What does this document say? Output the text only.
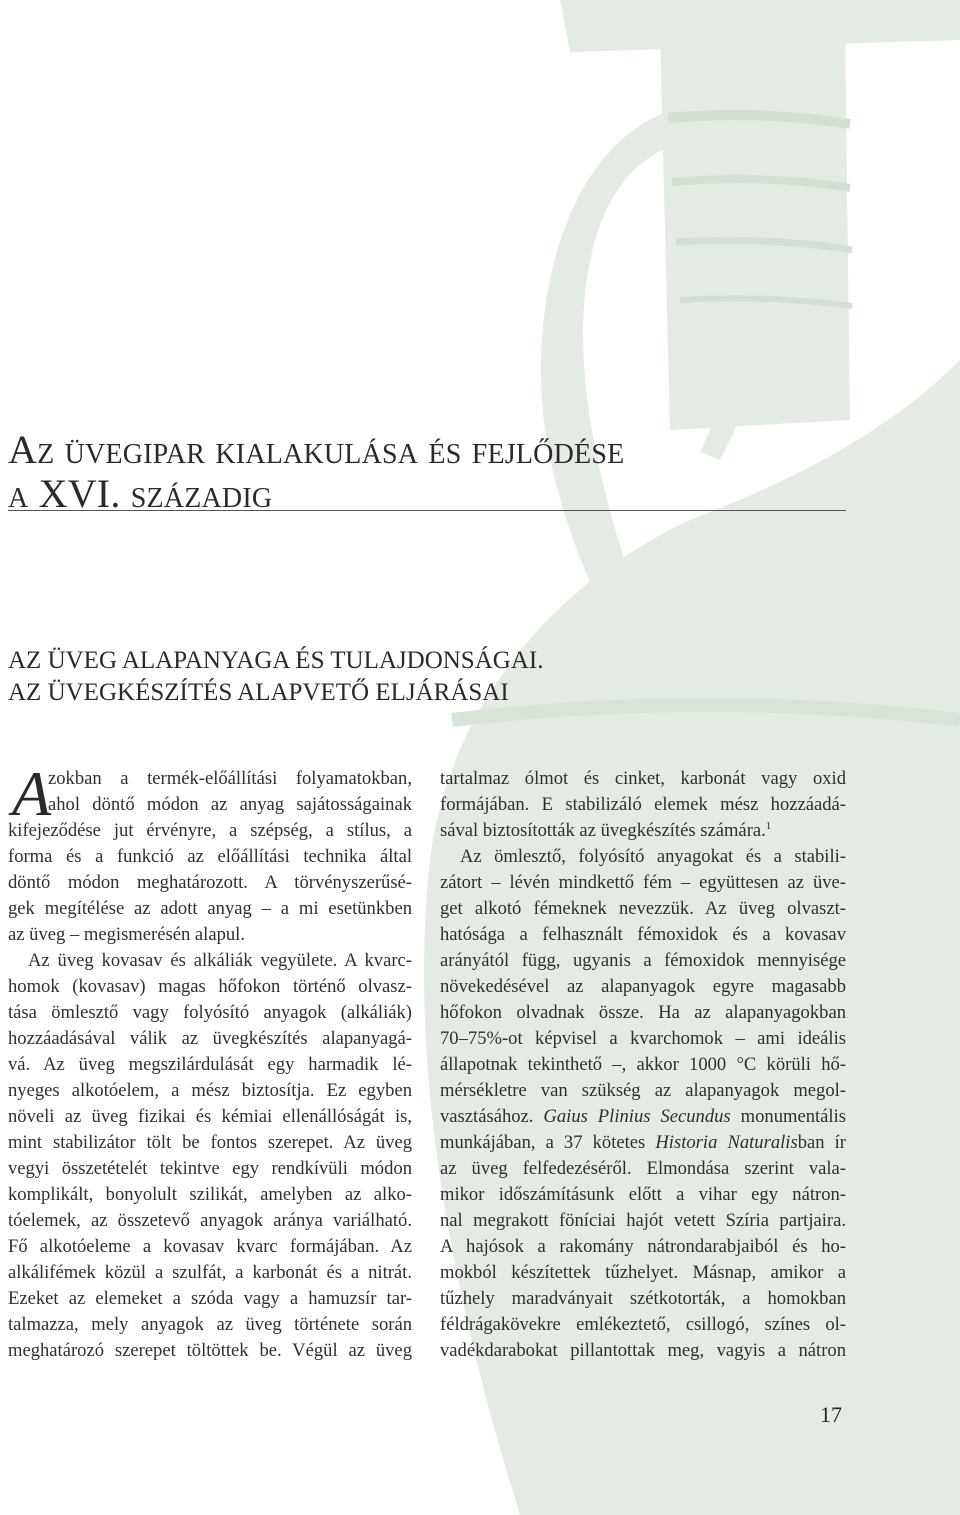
Az üvegipar kialakulása és fejlődése
a XVI. századig
AZ ÜVEG ALAPANYAGA ÉS TULAJDONSÁGAI.
AZ ÜVEGKÉSZÍTÉS ALAPVETŐ ELJÁRÁSAI
A
zokban a termék-előállítási folyamatokban,
ahol döntő módon az anyag sajátosságainak
kifejeződése jut érvényre, a szépség, a stílus, a
forma és a funkció az előállítási technika által
döntő módon meghatározott. A törvényszerűsé-
gek megítélése az adott anyag – a mi esetünkben
az üveg – megismerésén alapul.
Az üveg kovasav és alkáliák vegyülete. A kvarc-
homok (kovasav) magas hőfokon történő olvasz-
tása ömlesztő vagy folyósító anyagok (alkáliák)
hozzáadásával válik az üvegkészítés alapanyagá-
vá. Az üveg megszilárdulását egy harmadik lé-
nyeges alkotóelem, a mész biztosítja. Ez egyben
növeli az üveg fizikai és kémiai ellenállóságát is,
mint stabilizátor tölt be fontos szerepet. Az üveg
vegyi összetételét tekintve egy rendkívüli módon
komplikált, bonyolult szilikát, amelyben az alko-
tóelemek, az összetevő anyagok aránya variálható.
Fő alkotóeleme a kovasav kvarc formájában. Az
alkálifémek közül a szulfát, a karbonát és a nitrát.
Ezeket az elemeket a szóda vagy a hamuzsír tar-
talmazza, mely anyagok az üveg története során
meghatározó szerepet töltöttek be. Végül az üveg
tartalmaz ólmot és cinket, karbonát vagy oxid
formájában. E stabilizáló elemek mész hozzáadá-
sával biztosították az üvegkészítés számára.$^1$
Az ömlesztő, folyósító anyagokat és a stabili-
zátort – lévén mindkettő fém – együttesen az üve-
get alkotó fémeknek nevezzük. Az üveg olvaszt-
hatósága a felhasznált fémoxidok és a kovasav
arányától függ, ugyanis a fémoxidok mennyisége
növekedésével az alapanyagok egyre magasabb
hőfokon olvadnak össze. Ha az alapanyagokban
70–75%-ot képvisel a kvarchomok – ami ideális
állapotnak tekinthető –, akkor 1000 °C körüli hő-
mérsékletre van szükség az alapanyagok megol-
vasztásához. Gaius Plinius Secundus monumentális
munkájában, a 37 kötetes Historia Naturalisban ír
az üveg felfedezéséről. Elmondása szerint vala-
mikor időszámításunk előtt a vihar egy nátron-
nal megrakott föníciai hajót vetett Szíria partjaira.
A hajósok a rakomány nátrondarabjaiból és ho-
mokból készítettek tűzhelyet. Másnap, amikor a
tűzhely maradványait szétkotorták, a homokban
féldrágakövekre emlékeztető, csillogó, színes ol-
vadékdarabokat pillantottak meg, vagyis a nátron
17
